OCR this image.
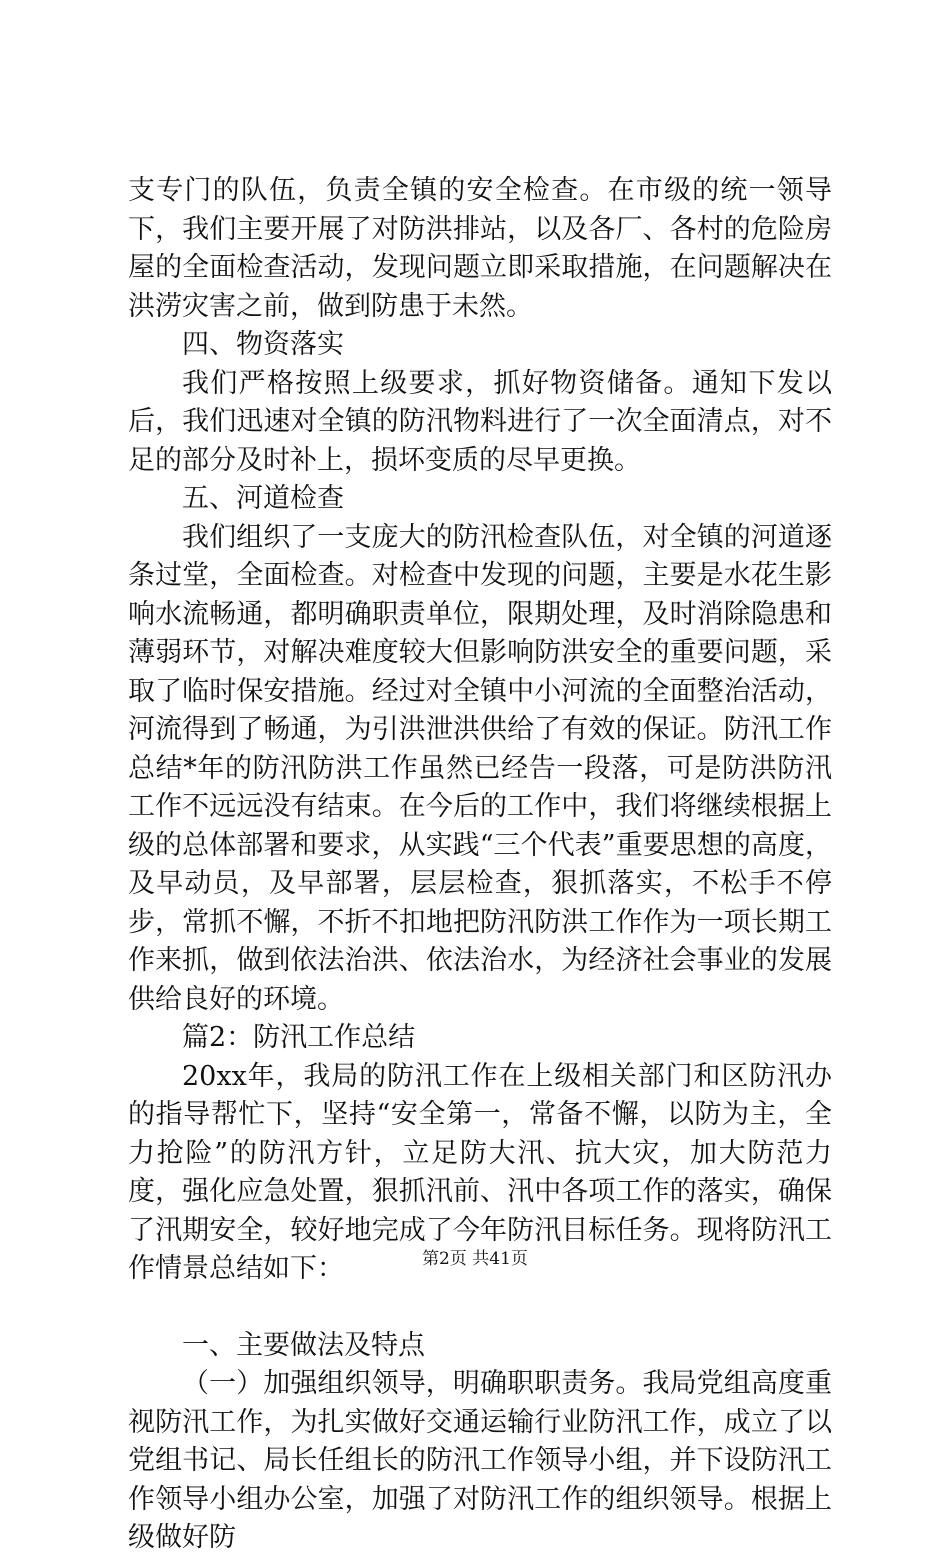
支专门的队伍，负责全镇的安全检查。在市级的统一领导下，我们主要开展了对防洪排站，以及各厂、各村的危险房屋的全面检查活动，发现问题立即采取措施，在问题解决在洪涝灾害之前，做到防患于未然。

四、物资落实

我们严格按照上级要求，抓好物资储备。通知下发以后，我们迅速对全镇的防汛物料进行了一次全面清点，对不足的部分及时补上，损坏变质的尽早更换。

五、河道检查

我们组织了一支庞大的防汛检查队伍，对全镇的河道逐条过堂，全面检查。对检查中发现的问题，主要是水花生影响水流畅通，都明确职责单位，限期处理，及时消除隐患和薄弱环节，对解决难度较大但影响防洪安全的重要问题，采取了临时保安措施。经过对全镇中小河流的全面整治活动，河流得到了畅通，为引洪泄洪供给了有效的保证。防汛工作总结*年的防汛防洪工作虽然已经告一段落，可是防洪防汛工作不远远没有结束。在今后的工作中，我们将继续根据上级的总体部署和要求，从实践“三个代表”重要思想的高度，及早动员，及早部署，层层检查，狠抓落实，不松手不停步，常抓不懈，不折不扣地把防汛防洪工作作为一项长期工作来抓，做到依法治洪、依法治水，为经济社会事业的发展供给良好的环境。

篇2：防汛工作总结

20xx年，我局的防汛工作在上级相关部门和区防汛办的指导帮忙下，坚持“安全第一，常备不懈，以防为主，全力抢险”的防汛方针，立足防大汛、抗大灾，加大防范力度，强化应急处置，狠抓汛前、汛中各项工作的落实，确保了汛期安全，较好地完成了今年防汛目标任务。现将防汛工作情景总结如下：

一、主要做法及特点

（一）加强组织领导，明确职职责务。我局党组高度重视防汛工作，为扎实做好交通运输行业防汛工作，成立了以党组书记、局长任组长的防汛工作领导小组，并下设防汛工作领导小组办公室，加强了对防汛工作的组织领导。根据上级做好防

第2页 共41页
